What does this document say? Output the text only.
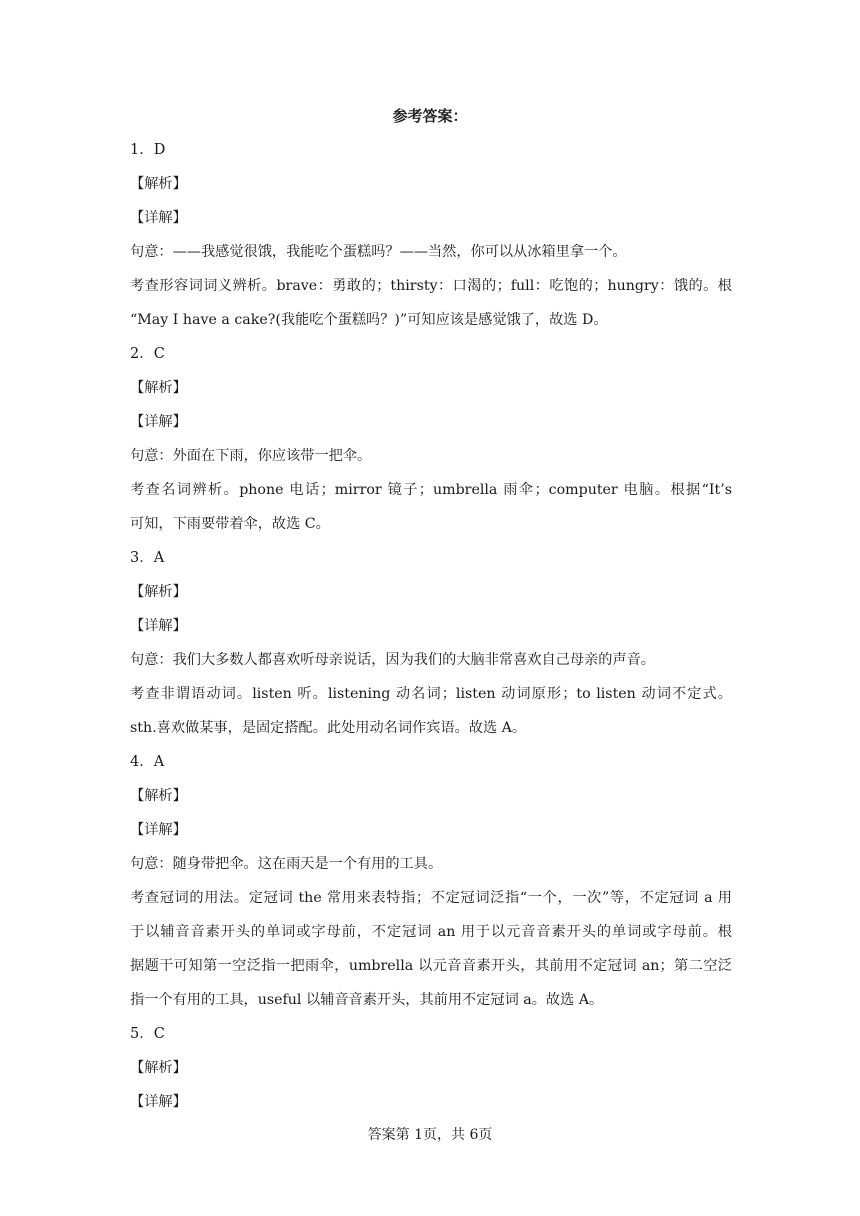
参考答案：
1．D
【解析】
【详解】
句意：——我感觉很饿，我能吃个蛋糕吗？——当然，你可以从冰箱里拿一个。
考查形容词词义辨析。brave：勇敢的；thirsty：口渴的；full：吃饱的；hungry：饿的。根
“May I have a cake?(我能吃个蛋糕吗？)”可知应该是感觉饿了，故选 D。
2．C
【解析】
【详解】
句意：外面在下雨，你应该带一把伞。
考查名词辨析。phone 电话；mirror 镜子；umbrella 雨伞；computer 电脑。根据“It’s
可知，下雨要带着伞，故选 C。
3．A
【解析】
【详解】
句意：我们大多数人都喜欢听母亲说话，因为我们的大脑非常喜欢自己母亲的声音。
考查非谓语动词。listen 听。listening 动名词；listen 动词原形；to listen 动词不定式。
sth.喜欢做某事，是固定搭配。此处用动名词作宾语。故选 A。
4．A
【解析】
【详解】
句意：随身带把伞。这在雨天是一个有用的工具。
考查冠词的用法。定冠词 the 常用来表特指；不定冠词泛指“一个，一次”等，不定冠词 a 用
于以辅音音素开头的单词或字母前，不定冠词 an 用于以元音音素开头的单词或字母前。根
据题干可知第一空泛指一把雨伞，umbrella 以元音音素开头，其前用不定冠词 an；第二空泛
指一个有用的工具，useful 以辅音音素开头，其前用不定冠词 a。故选 A。
5．C
【解析】
【详解】
答案第 1页，共 6页
